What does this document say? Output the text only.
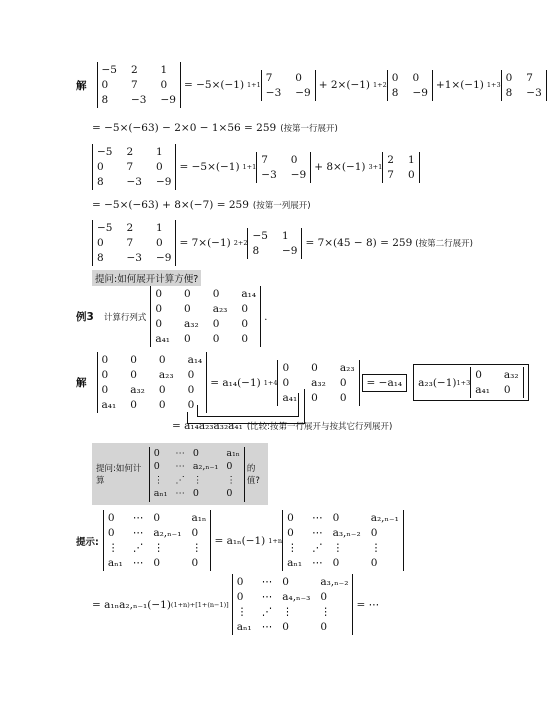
解
−5 2	1
0	7	0
8	−3 −9
= −5×(−1) 1+1
7	0
−3 −9
+ 2×(−1) 1+2
0 0
8 −9
+1×(−1) 1+3
0 7
8 −3
= −5×(−63) − 2×0 − 1×56 = 259 (按第一行展开)
−5 2	1
0	7	0
8	−3 −9
= −5×(−1) 1+1
7	0
−3 −9
+ 8×(−1) 3+1
2 1
7 0
= −5×(−63) + 8×(−7) = 259 (按第一列展开)
−5 2	1
0	7	0
8	−3 −9
= 7×(−1) 2+2
−5 1
8	−9
= 7×(45 − 8) = 259 (按第二行展开)
提问:如何展开计算方便?
例3 计算行列式
0	0	0	a₁₄
0	0	a₂₃ 0
0	a₃₂ 0	0
a₄₁ 0	0	0
.
解
0	0	0	a₁₄
0	0	a₂₃ 0
0	a₃₂ 0	0
a₄₁ 0	0	0
= a₁₄(−1) 1+4
0	0	a₂₃
0	a₃₂ 0
a₄₁ 0	0
= −a₁₄ a₂₃(−1) 1+3
0	a₃₂
a₄₁ 0
= a₁₄a₂₃a₃₂a₄₁ (比较:按第一行展开与按其它行列展开)
提问:如何计算
0	⋯ 0	a₁ₙ
0	⋯ a₂,ₙ₋₁ 0
⋮	⋰ ⋮	⋮
aₙ₁ ⋯ 0	0
的值?
提示:
0	⋯ 0	a₁ₙ
0	⋯ a₂,ₙ₋₁ 0
⋮	⋰ ⋮	⋮
aₙ₁ ⋯ 0	0
= a₁ₙ(−1) 1+n
0	⋯ 0	a₂,ₙ₋₁
0	⋯ a₃,ₙ₋₂ 0
⋮	⋰ ⋮	⋮
aₙ₁ ⋯ 0	0
= a₁ₙa₂,ₙ₋₁(−1) (1+n)+[1+(n−1)]
0	⋯ 0	a₃,ₙ₋₂
0	⋯ a₄,ₙ₋₃ 0
⋮	⋰ ⋮	⋮
aₙ₁ ⋯ 0	0
= ⋯
